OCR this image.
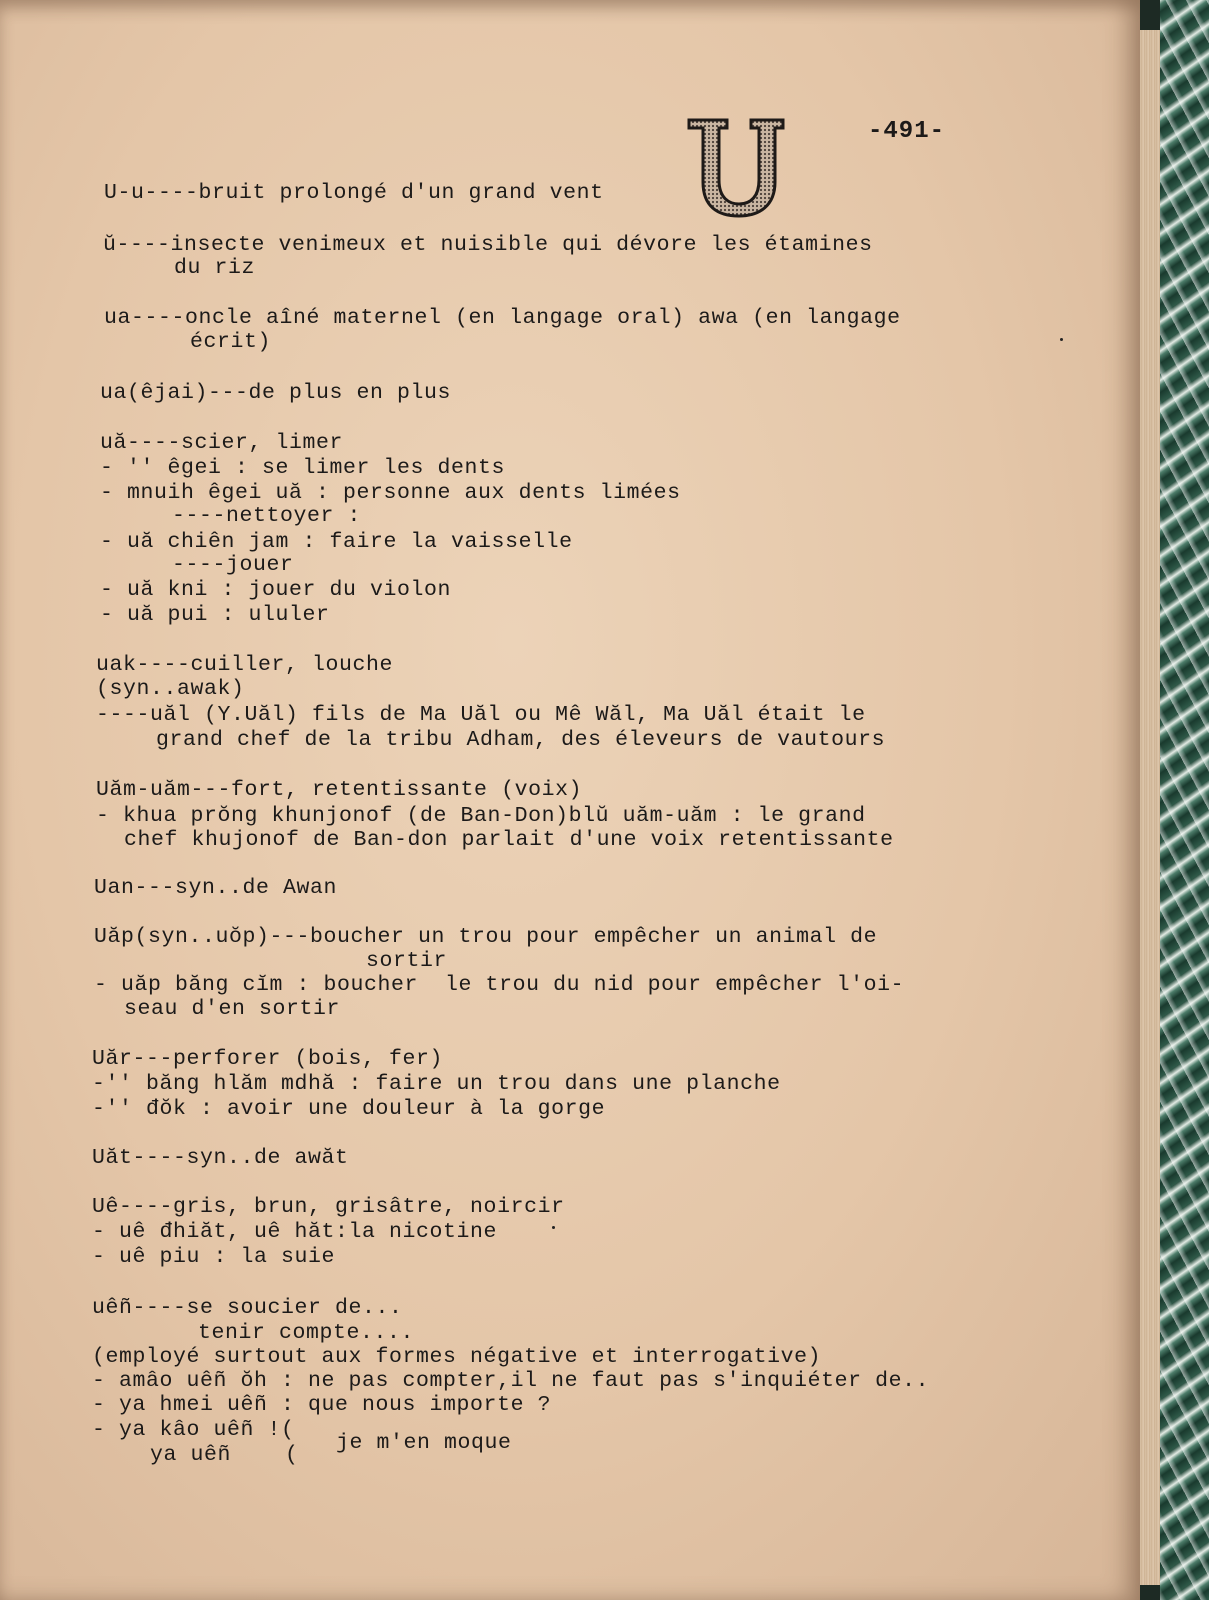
-491-
U
U-u----bruit prolongé d'un grand vent
ŭ----insecte venimeux et nuisible qui dévore les étamines
du riz
ua----oncle aîné maternel (en langage oral) awa (en langage
écrit)
ua(êjai)---de plus en plus
uă----scier, limer
- '' êgei : se limer les dents
- mnuih êgei uă : personne aux dents limées
----nettoyer :
- uă chiên jam : faire la vaisselle
----jouer
- uă kni : jouer du violon
- uă pui : ululer
uak----cuiller, louche
(syn..awak)
----uăl (Y.Uăl) fils de Ma Uăl ou Mê Wăl, Ma Uăl était le
grand chef de la tribu Adham, des éleveurs de vautours
Uăm-uăm---fort, retentissante (voix)
- khua prŏng khunjonof (de Ban-Don)blŭ uăm-uăm : le grand
chef khujonof de Ban-don parlait d'une voix retentissante
Uan---syn..de Awan
Uăp(syn..uŏp)---boucher un trou pour empêcher un animal de
sortir
- uăp băng cĭm : boucher  le trou du nid pour empêcher l'oi-
seau d'en sortir
Uăr---perforer (bois, fer)
-'' băng hlăm mdhă : faire un trou dans une planche
-'' đŏk : avoir une douleur à la gorge
Uăt----syn..de awăt
Uê----gris, brun, grisâtre, noircir
- uê đhiăt, uê hăt:la nicotine
- uê piu : la suie
uêñ----se soucier de...
tenir compte....
(employé surtout aux formes négative et interrogative)
- amâo uêñ ŏh : ne pas compter,il ne faut pas s'inquiéter de..
- ya hmei uêñ : que nous importe ?
- ya kâo uêñ !(
ya uêñ    ( je m'en moque
